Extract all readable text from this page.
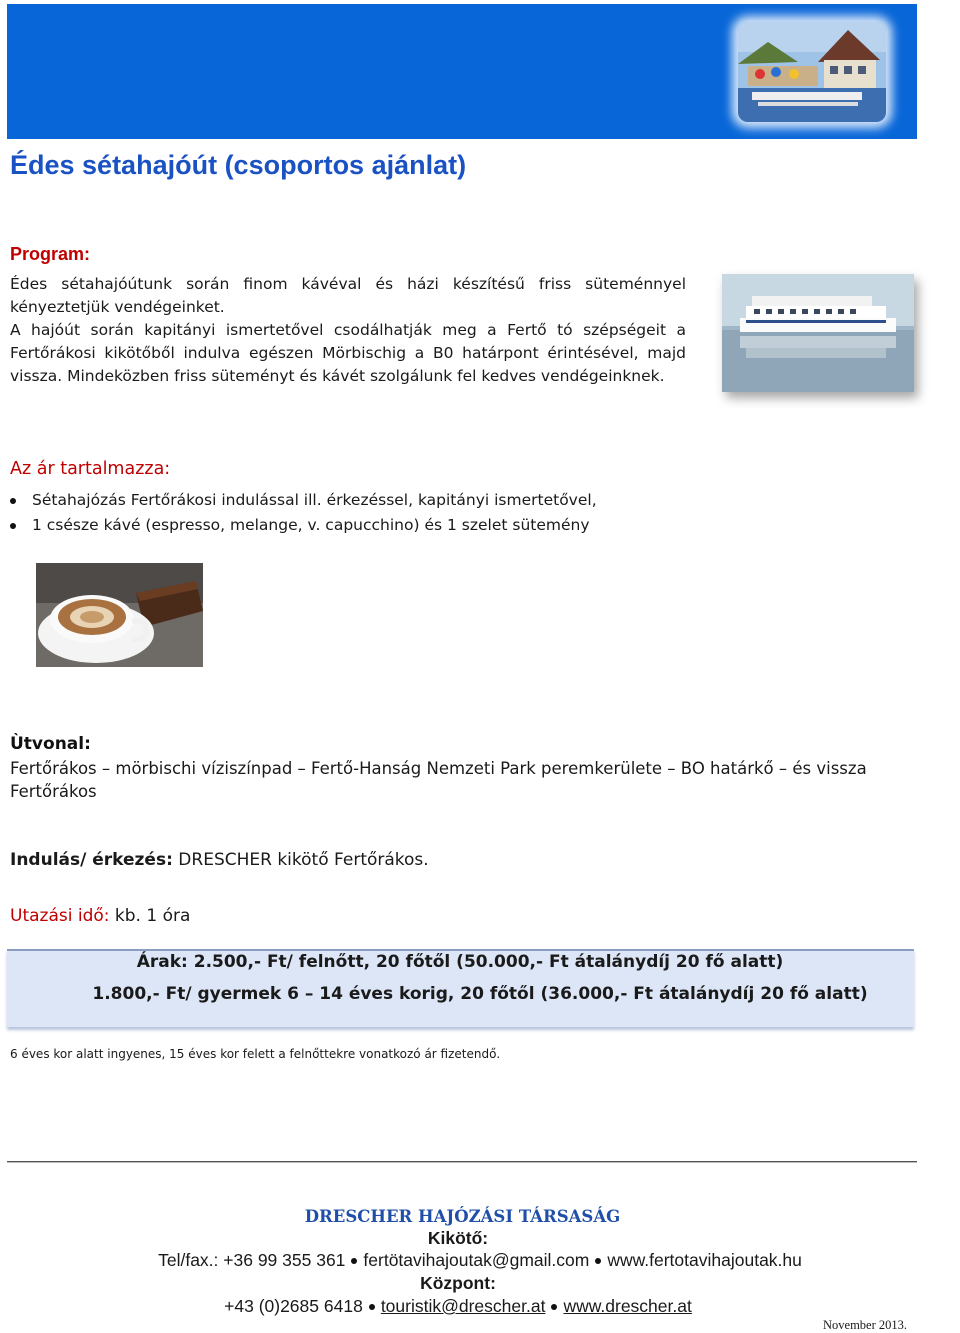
Édes sétahajóút (csoportos ajánlat)
Program:
Édes sétahajóútunk során finom kávéval és házi készítésű friss süteménnyel
kényeztetjük vendégeinket.
A hajóút során kapitányi ismertetővel csodálhatják meg a Fertő tó szépségeit a
Fertőrákosi kikötőből indulva egészen Mörbischig a B0 határpont érintésével, majd
vissza. Mindeközben friss süteményt és kávét szolgálunk fel kedves vendégeinknek.
Az ár tartalmazza:
Sétahajózás Fertőrákosi indulással ill. érkezéssel, kapitányi ismertetővel,
1 csésze kávé (espresso, melange, v. capucchino) és 1 szelet sütemény
Ùtvonal:
Fertőrákos – mörbischi víziszínpad – Fertő-Hanság Nemzeti Park peremkerülete – BO határkő – és vissza Fertőrákos
Indulás/ érkezés: DRESCHER kikötő Fertőrákos.
Utazási idő: kb. 1 óra
Árak: 2.500,- Ft/ felnőtt, 20 főtől (50.000,- Ft átalánydíj 20 fő alatt)
1.800,- Ft/ gyermek 6 – 14 éves korig, 20 főtől (36.000,- Ft átalánydíj 20 fő alatt)
6 éves kor alatt ingyenes, 15 éves kor felett a felnőttekre vonatkozó ár fizetendő.
DRESCHER HAJÓZÁSI TÁRSASÁG
Kikötő:
Tel/fax.: +36 99 355 361 fertötavihajoutak@gmail.com www.fertotavihajoutak.hu
Központ:
+43 (0)2685 6418 touristik@drescher.at www.drescher.at
November 2013.
